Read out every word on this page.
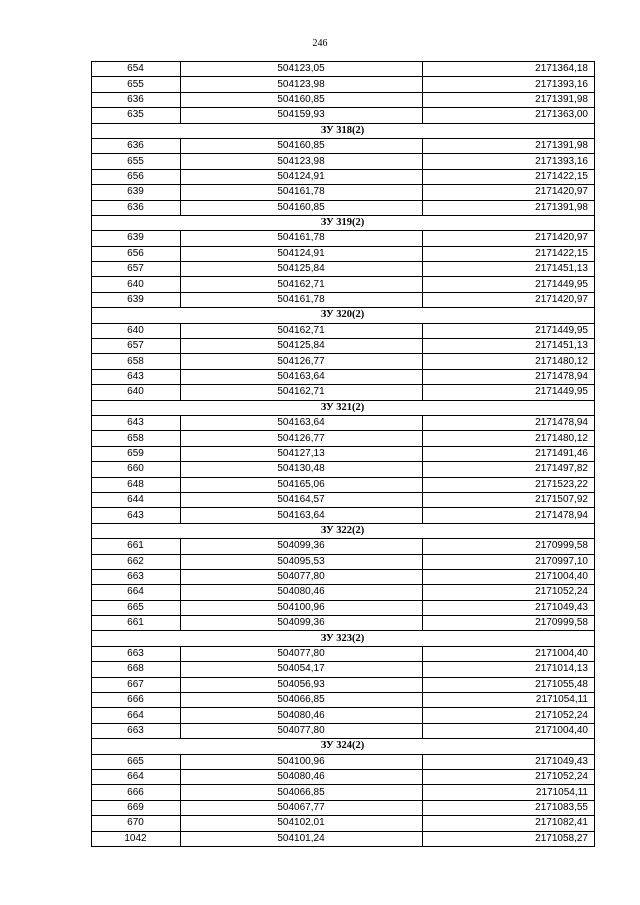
246
654	504123,05	2171364,18
655	504123,98	2171393,16
636	504160,85	2171391,98
635	504159,93	2171363,00
ЗУ 318(2)		
636	504160,85	2171391,98
655	504123,98	2171393,16
656	504124,91	2171422,15
639	504161,78	2171420,97
636	504160,85	2171391,98
ЗУ 319(2)		
639	504161,78	2171420,97
656	504124,91	2171422,15
657	504125,84	2171451,13
640	504162,71	2171449,95
639	504161,78	2171420,97
ЗУ 320(2)		
640	504162,71	2171449,95
657	504125,84	2171451,13
658	504126,77	2171480,12
643	504163,64	2171478,94
640	504162,71	2171449,95
ЗУ 321(2)		
643	504163,64	2171478,94
658	504126,77	2171480,12
659	504127,13	2171491,46
660	504130,48	2171497,82
648	504165,06	2171523,22
644	504164,57	2171507,92
643	504163,64	2171478,94
ЗУ 322(2)		
661	504099,36	2170999,58
662	504095,53	2170997,10
663	504077,80	2171004,40
664	504080,46	2171052,24
665	504100,96	2171049,43
661	504099,36	2170999,58
ЗУ 323(2)		
663	504077,80	2171004,40
668	504054,17	2171014,13
667	504056,93	2171055,48
666	504066,85	2171054,11
664	504080,46	2171052,24
663	504077,80	2171004,40
ЗУ 324(2)		
665	504100,96	2171049,43
664	504080,46	2171052,24
666	504066,85	2171054,11
669	504067,77	2171083,55
670	504102,01	2171082,41
1042	504101,24	2171058,27
